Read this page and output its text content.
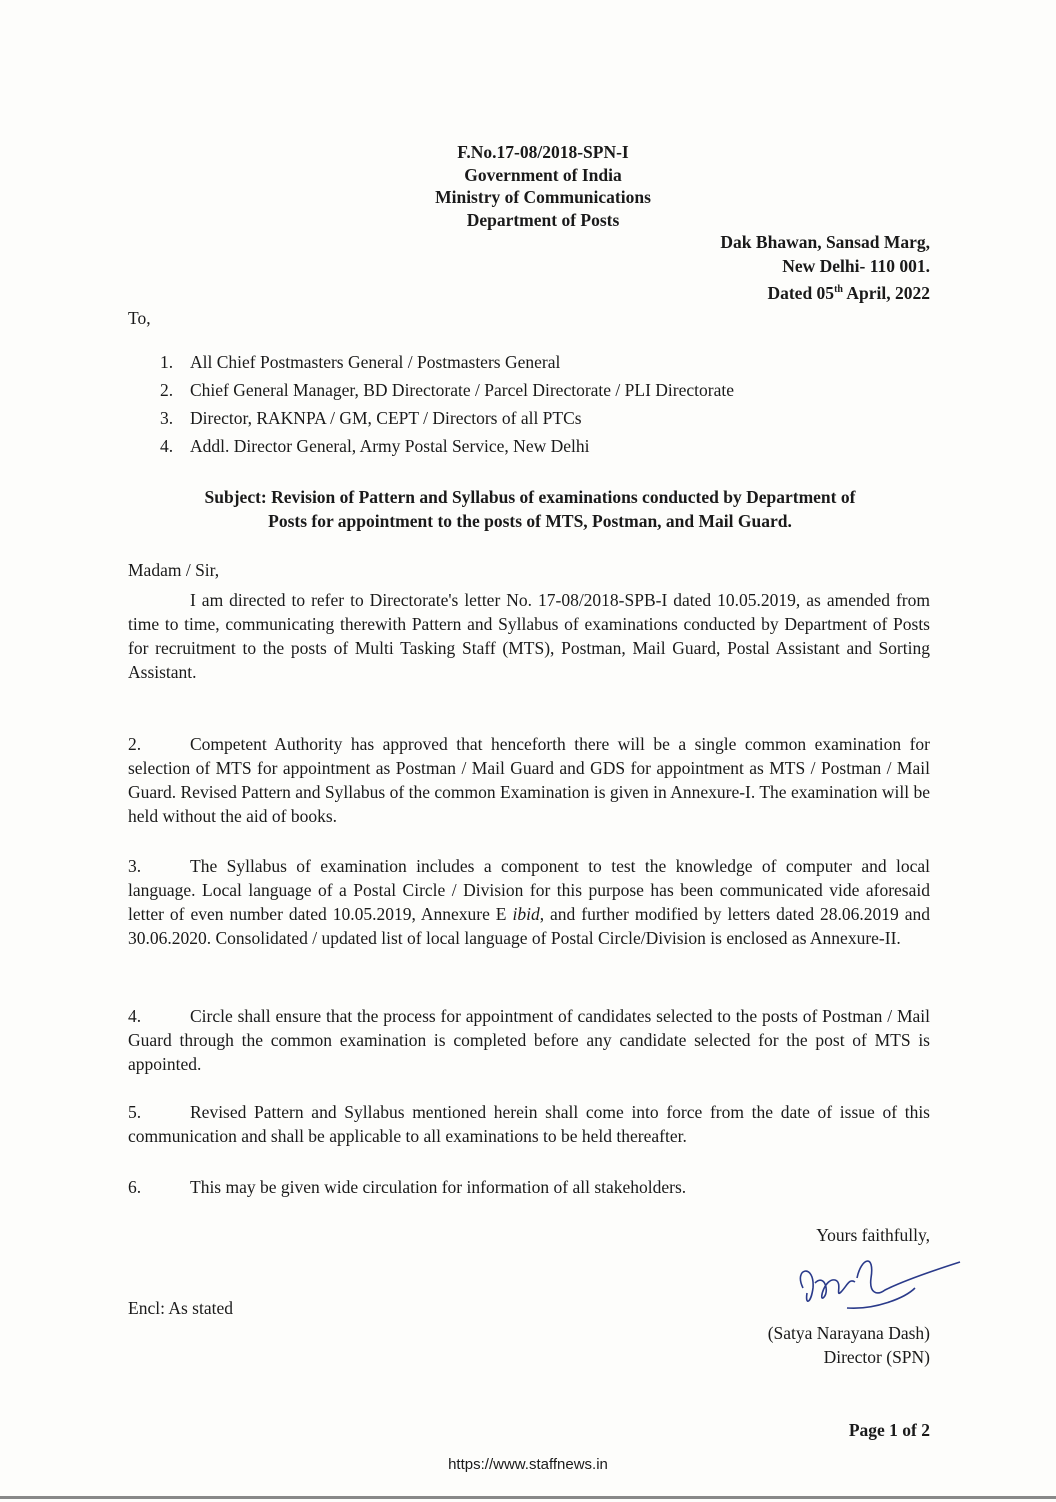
F.No.17-08/2018-SPN-I
Government of India
Ministry of Communications
Department of Posts
Dak Bhawan, Sansad Marg,
New Delhi- 110 001.
Dated 05th April, 2022
To,
1. All Chief Postmasters General / Postmasters General
2. Chief General Manager, BD Directorate / Parcel Directorate / PLI Directorate
3. Director, RAKNPA / GM, CEPT / Directors of all PTCs
4. Addl. Director General, Army Postal Service, New Delhi
Subject: Revision of Pattern and Syllabus of examinations conducted by Department of
Posts for appointment to the posts of MTS, Postman, and Mail Guard.
Madam / Sir,
I am directed to refer to Directorate's letter No. 17-08/2018-SPB-I dated 10.05.2019, as amended from time to time, communicating therewith Pattern and Syllabus of examinations conducted by Department of Posts for recruitment to the posts of Multi Tasking Staff (MTS), Postman, Mail Guard, Postal Assistant and Sorting Assistant.
2.	Competent Authority has approved that henceforth there will be a single common examination for selection of MTS for appointment as Postman / Mail Guard and GDS for appointment as MTS / Postman / Mail Guard. Revised Pattern and Syllabus of the common Examination is given in Annexure-I. The examination will be held without the aid of books.
3.	The Syllabus of examination includes a component to test the knowledge of computer and local language. Local language of a Postal Circle / Division for this purpose has been communicated vide aforesaid letter of even number dated 10.05.2019, Annexure E ibid, and further modified by letters dated 28.06.2019 and 30.06.2020. Consolidated / updated list of local language of Postal Circle/Division is enclosed as Annexure-II.
4.	Circle shall ensure that the process for appointment of candidates selected to the posts of Postman / Mail Guard through the common examination is completed before any candidate selected for the post of MTS is appointed.
5.	Revised Pattern and Syllabus mentioned herein shall come into force from the date of issue of this communication and shall be applicable to all examinations to be held thereafter.
6.	This may be given wide circulation for information of all stakeholders.
Yours faithfully,
Encl: As stated
(Satya Narayana Dash)
Director (SPN)
Page 1 of 2
https://www.staffnews.in
